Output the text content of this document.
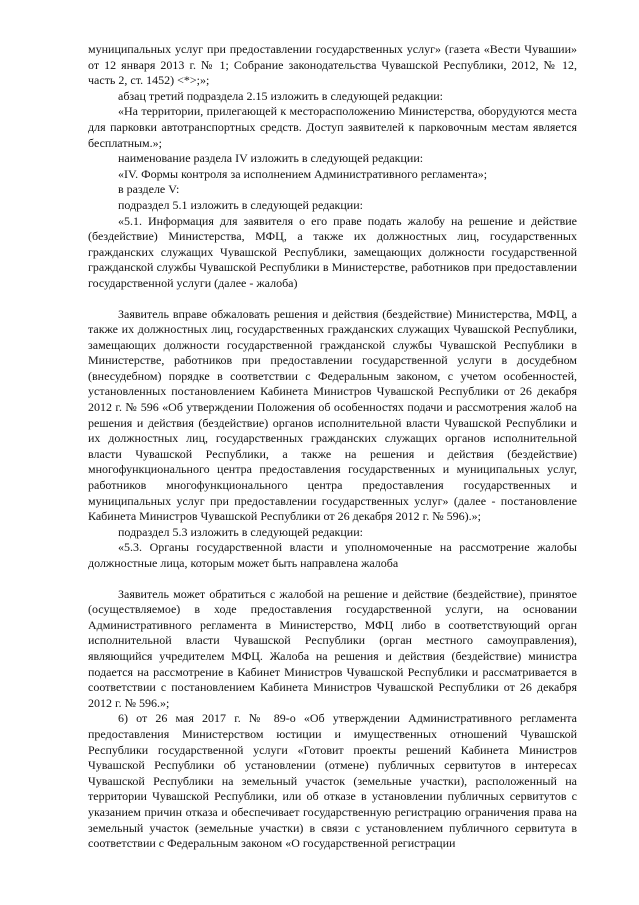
муниципальных услуг при предоставлении государственных услуг» (газета «Вести Чувашии» от 12 января 2013 г. № 1; Собрание законодательства Чувашской Республики, 2012, № 12, часть 2, ст. 1452) <*>;»;

абзац третий подраздела 2.15 изложить в следующей редакции:

«На территории, прилегающей к месторасположению Министерства, оборудуются места для парковки автотранспортных средств. Доступ заявителей к парковочным местам является бесплатным.»;

наименование раздела IV изложить в следующей редакции:

«IV. Формы контроля за исполнением Административного регламента»;

в разделе V:

подраздел 5.1 изложить в следующей редакции:

«5.1. Информация для заявителя о его праве подать жалобу на решение и действие (бездействие) Министерства, МФЦ, а также их должностных лиц, государственных гражданских служащих Чувашской Республики, замещающих должности государственной гражданской службы Чувашской Республики в Министерстве, работников при предоставлении государственной услуги (далее - жалоба)

Заявитель вправе обжаловать решения и действия (бездействие) Министерства, МФЦ, а также их должностных лиц, государственных гражданских служащих Чувашской Республики, замещающих должности государственной гражданской службы Чувашской Республики в Министерстве, работников при предоставлении государственной услуги в досудебном (внесудебном) порядке в соответствии с Федеральным законом, с учетом особенностей, установленных постановлением Кабинета Министров Чувашской Республики от 26 декабря 2012 г. № 596 «Об утверждении Положения об особенностях подачи и рассмотрения жалоб на решения и действия (бездействие) органов исполнительной власти Чувашской Республики и их должностных лиц, государственных гражданских служащих органов исполнительной власти Чувашской Республики, а также на решения и действия (бездействие) многофункционального центра предоставления государственных и муниципальных услуг, работников многофункционального центра предоставления государственных и муниципальных услуг при предоставлении государственных услуг» (далее - постановление Кабинета Министров Чувашской Республики от 26 декабря 2012 г. № 596).»;

подраздел 5.3 изложить в следующей редакции:

«5.3. Органы государственной власти и уполномоченные на рассмотрение жалобы должностные лица, которым может быть направлена жалоба

Заявитель может обратиться с жалобой на решение и действие (бездействие), принятое (осуществляемое) в ходе предоставления государственной услуги, на основании Административного регламента в Министерство, МФЦ либо в соответствующий орган исполнительной власти Чувашской Республики (орган местного самоуправления), являющийся учредителем МФЦ. Жалоба на решения и действия (бездействие) министра подается на рассмотрение в Кабинет Министров Чувашской Республики и рассматривается в соответствии с постановлением Кабинета Министров Чувашской Республики от 26 декабря 2012 г. № 596.»;

6) от 26 мая 2017 г. № 89-о «Об утверждении Административного регламента предоставления Министерством юстиции и имущественных отношений Чувашской Республики государственной услуги «Готовит проекты решений Кабинета Министров Чувашской Республики об установлении (отмене) публичных сервитутов в интересах Чувашской Республики на земельный участок (земельные участки), расположенный на территории Чувашской Республики, или об отказе в установлении публичных сервитутов с указанием причин отказа и обеспечивает государственную регистрацию ограничения права на земельный участок (земельные участки) в связи с установлением публичного сервитута в соответствии с Федеральным законом «О государственной регистрации
